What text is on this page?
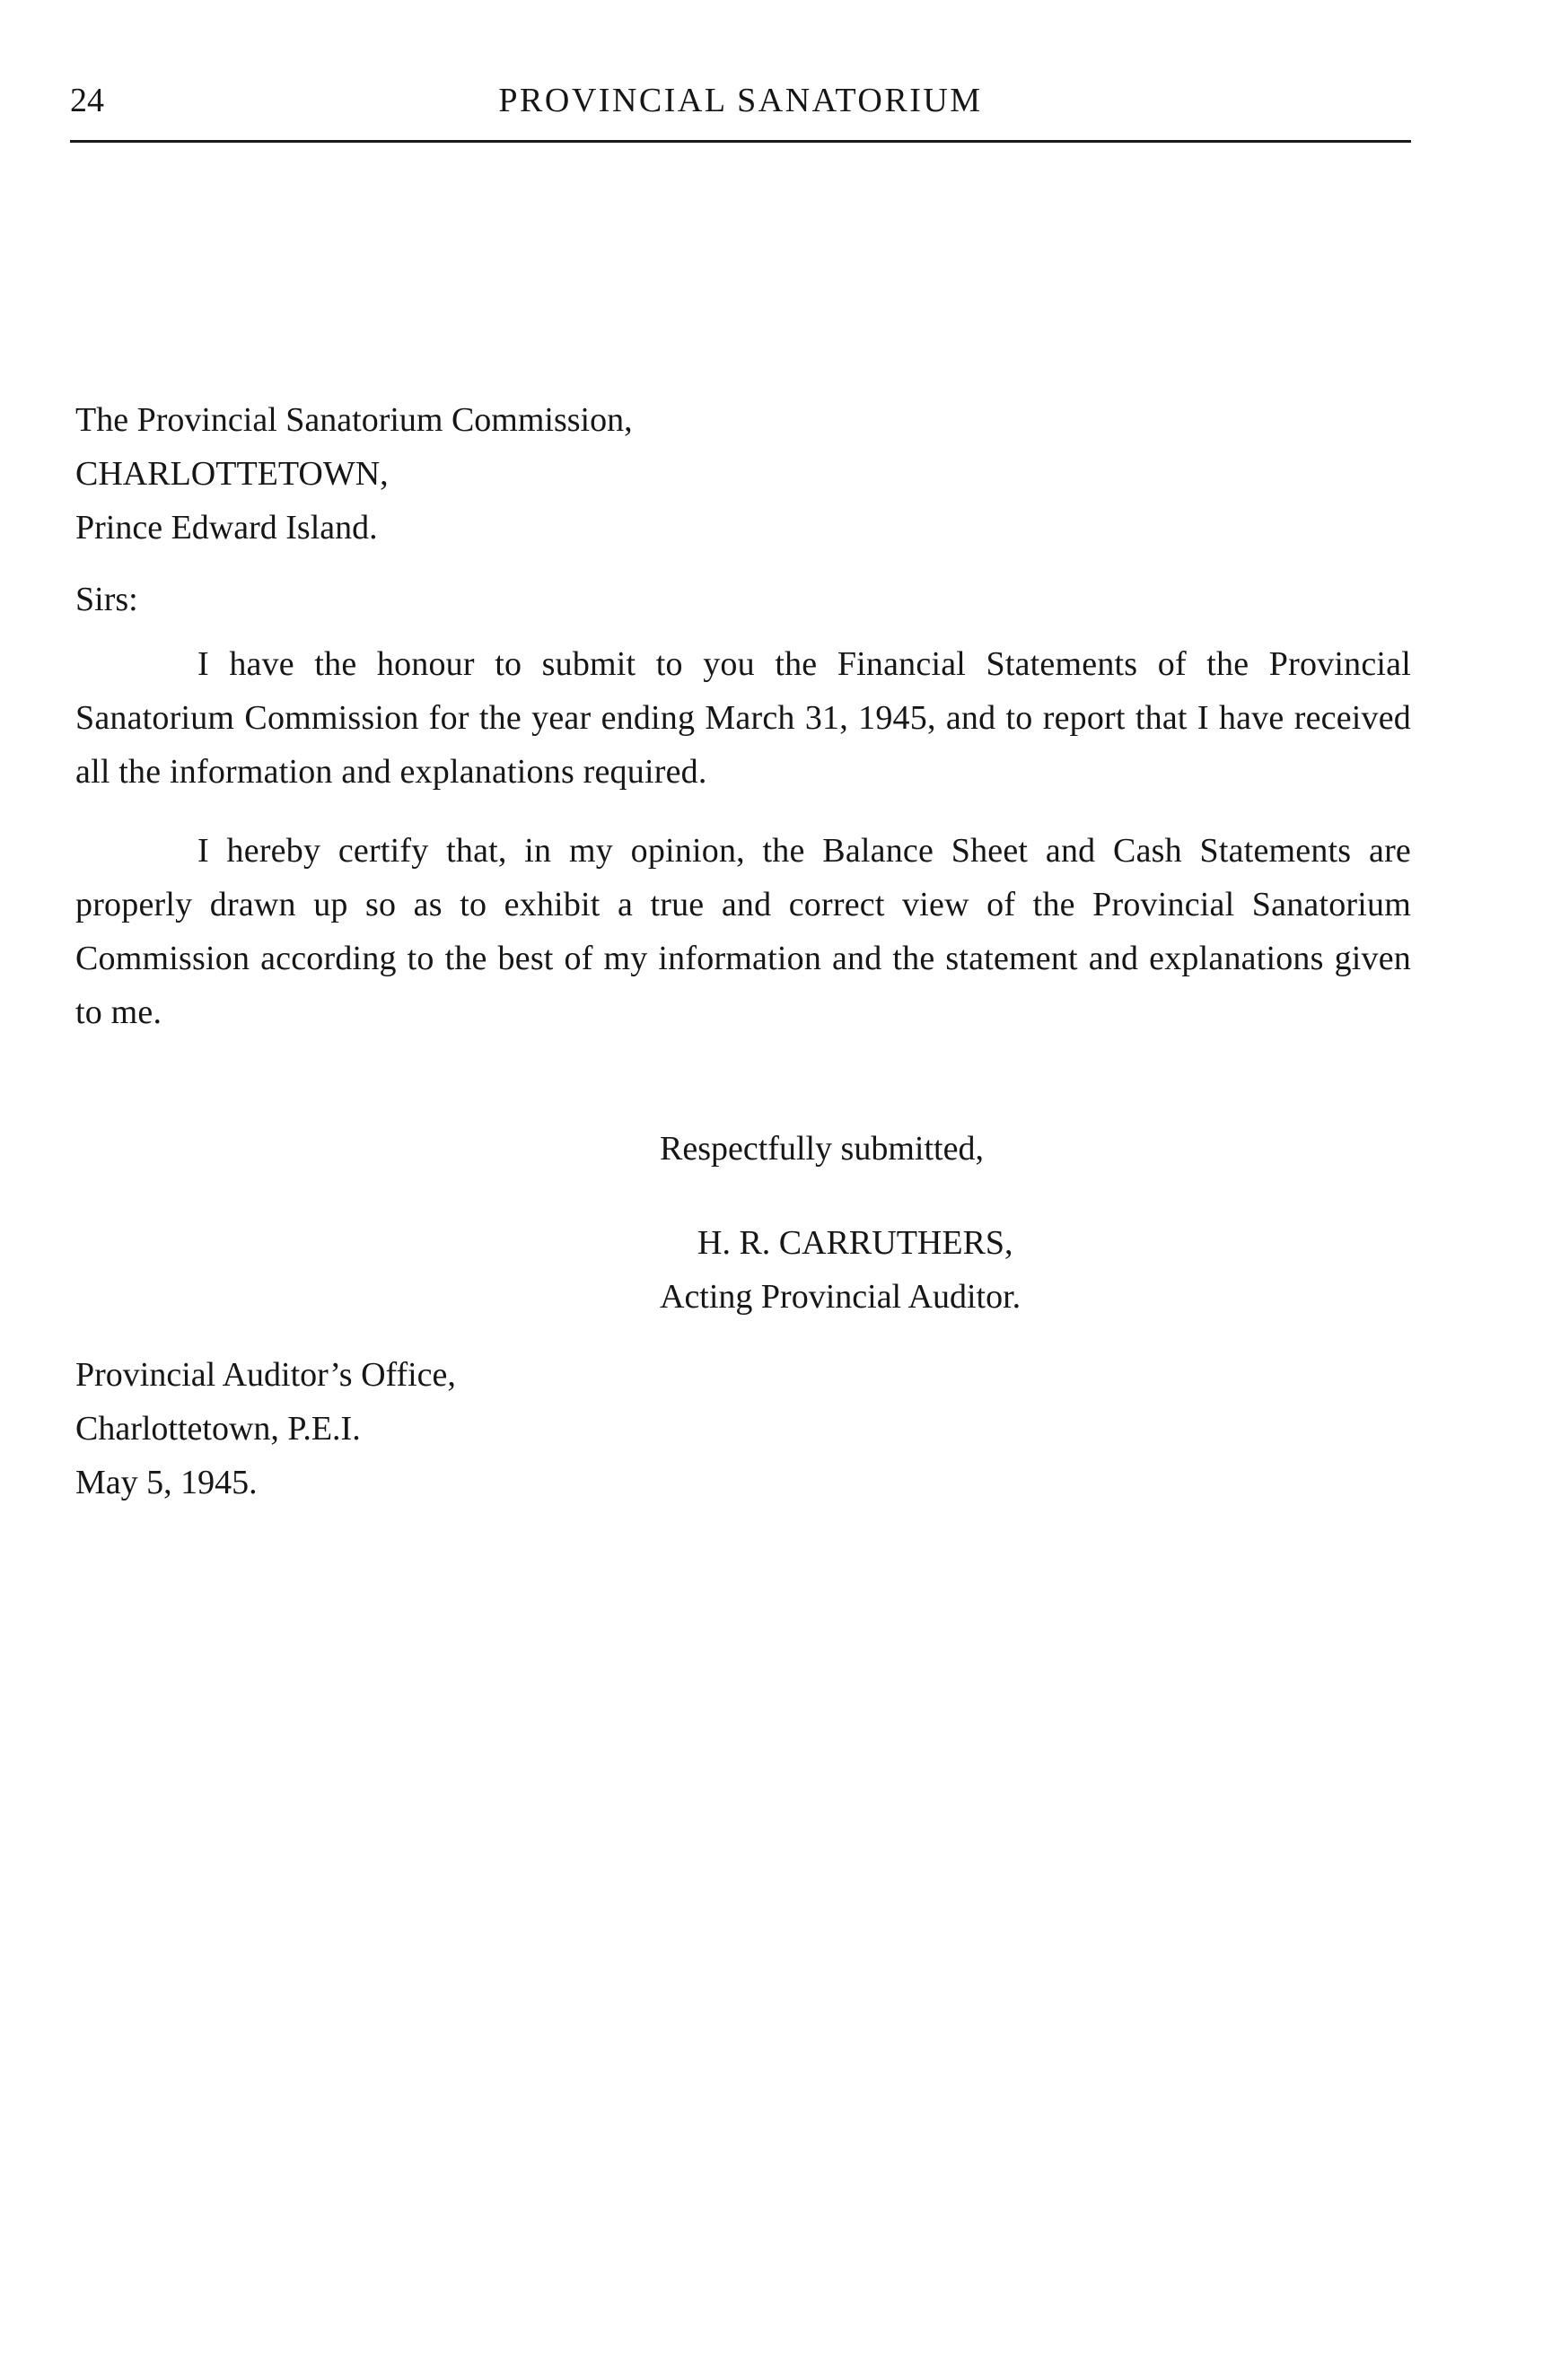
24	PROVINCIAL SANATORIUM
The Provincial Sanatorium Commission,
CHARLOTTETOWN,
Prince Edward Island.
Sirs:

I have the honour to submit to you the Financial Statements of the Provincial Sanatorium Commission for the year ending March 31, 1945, and to report that I have received all the information and explanations required.

I hereby certify that, in my opinion, the Balance Sheet and Cash Statements are properly drawn up so as to exhibit a true and correct view of the Provincial Sanatorium Commission according to the best of my information and the statement and explanations given to me.

Respectfully submitted,
H. R. CARRUTHERS,
Acting Provincial Auditor.
Provincial Auditor’s Office,
Charlottetown, P.E.I.
May 5, 1945.
